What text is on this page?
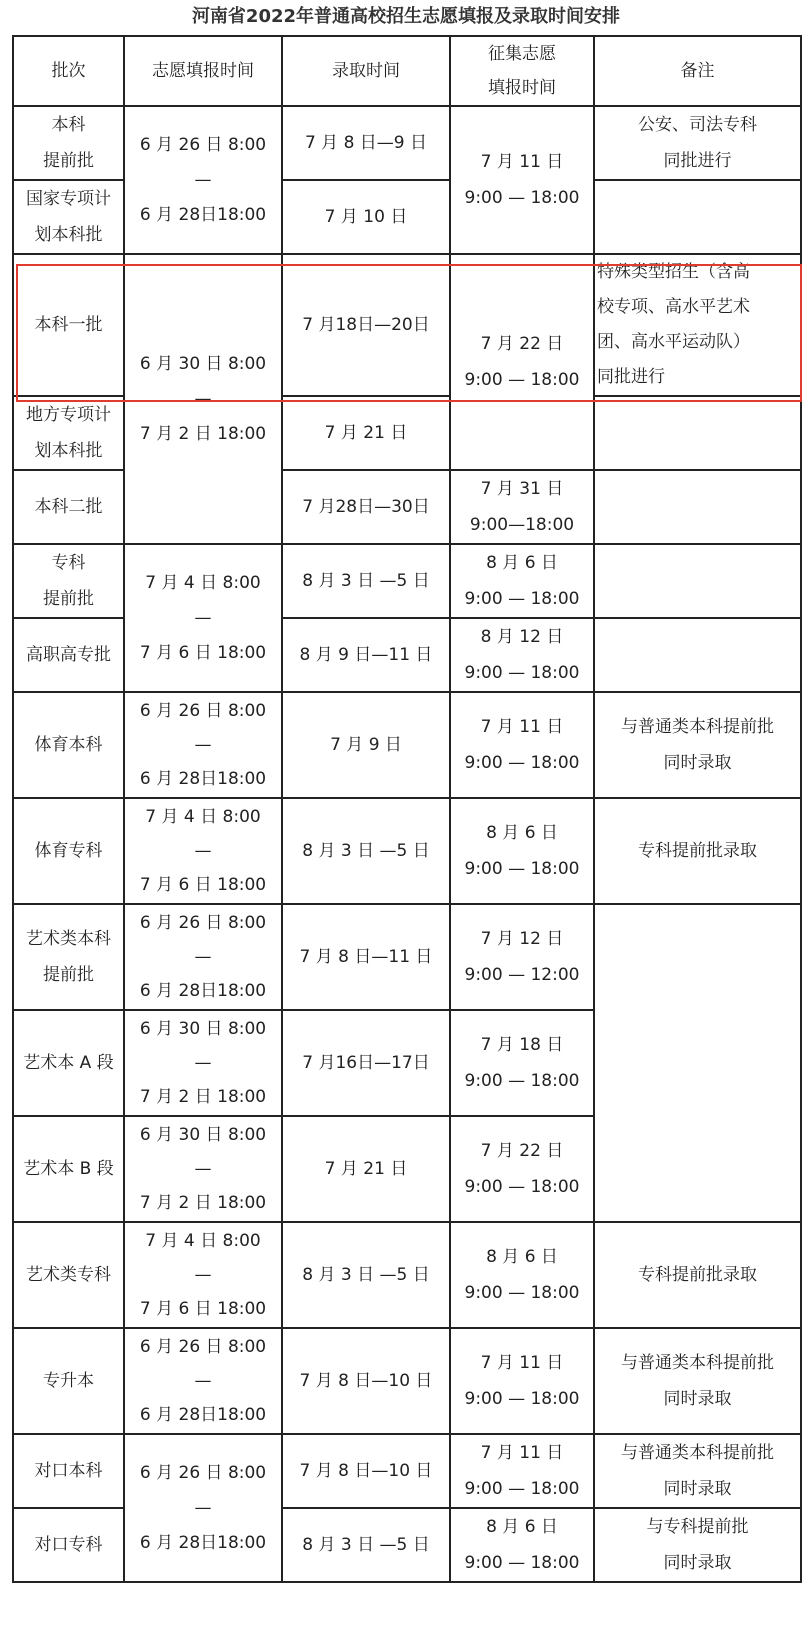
河南省2022年普通高校招生志愿填报及录取时间安排
批次	志愿填报时间	录取时间	征集志愿
填报时间	备注
本科
提前批	6 月 26 日 8:00
—
6 月 28日18:00	7 月 8 日—9 日	7 月 11 日
9:00 — 18:00	公安、司法专科
同批进行
国家专项计
划本科批		7 月 10 日		
本科一批	6 月 30 日 8:00
—
7 月 2 日 18:00	7 月18日—20日	7 月 22 日
9:00 — 18:00	特殊类型招生（含高
校专项、高水平艺术
团、高水平运动队）
同批进行
地方专项计
划本科批		7 月 21 日		
本科二批		7 月28日—30日	7 月 31 日
9:00—18:00	
专科
提前批	7 月 4 日 8:00
—
7 月 6 日 18:00	8 月 3 日 —5 日	8 月 6 日
9:00 — 18:00	
高职高专批		8 月 9 日—11 日	8 月 12 日
9:00 — 18:00	
体育本科	6 月 26 日 8:00
—
6 月 28日18:00	7 月 9 日	7 月 11 日
9:00 — 18:00	与普通类本科提前批
同时录取
体育专科	7 月 4 日 8:00
—
7 月 6 日 18:00	8 月 3 日 —5 日	8 月 6 日
9:00 — 18:00	专科提前批录取
艺术类本科
提前批	6 月 26 日 8:00
—
6 月 28日18:00	7 月 8 日—11 日	7 月 12 日
9:00 — 12:00	
艺术本 A 段	6 月 30 日 8:00
—
7 月 2 日 18:00	7 月16日—17日	7 月 18 日
9:00 — 18:00	
艺术本 B 段	6 月 30 日 8:00
—
7 月 2 日 18:00	7 月 21 日	7 月 22 日
9:00 — 18:00	
艺术类专科	7 月 4 日 8:00
—
7 月 6 日 18:00	8 月 3 日 —5 日	8 月 6 日
9:00 — 18:00	专科提前批录取
专升本	6 月 26 日 8:00
—
6 月 28日18:00	7 月 8 日—10 日	7 月 11 日
9:00 — 18:00	与普通类本科提前批
同时录取
对口本科	6 月 26 日 8:00
—
6 月 28日18:00	7 月 8 日—10 日	7 月 11 日
9:00 — 18:00	与普通类本科提前批
同时录取
对口专科		8 月 3 日 —5 日	8 月 6 日
9:00 — 18:00	与专科提前批
同时录取
